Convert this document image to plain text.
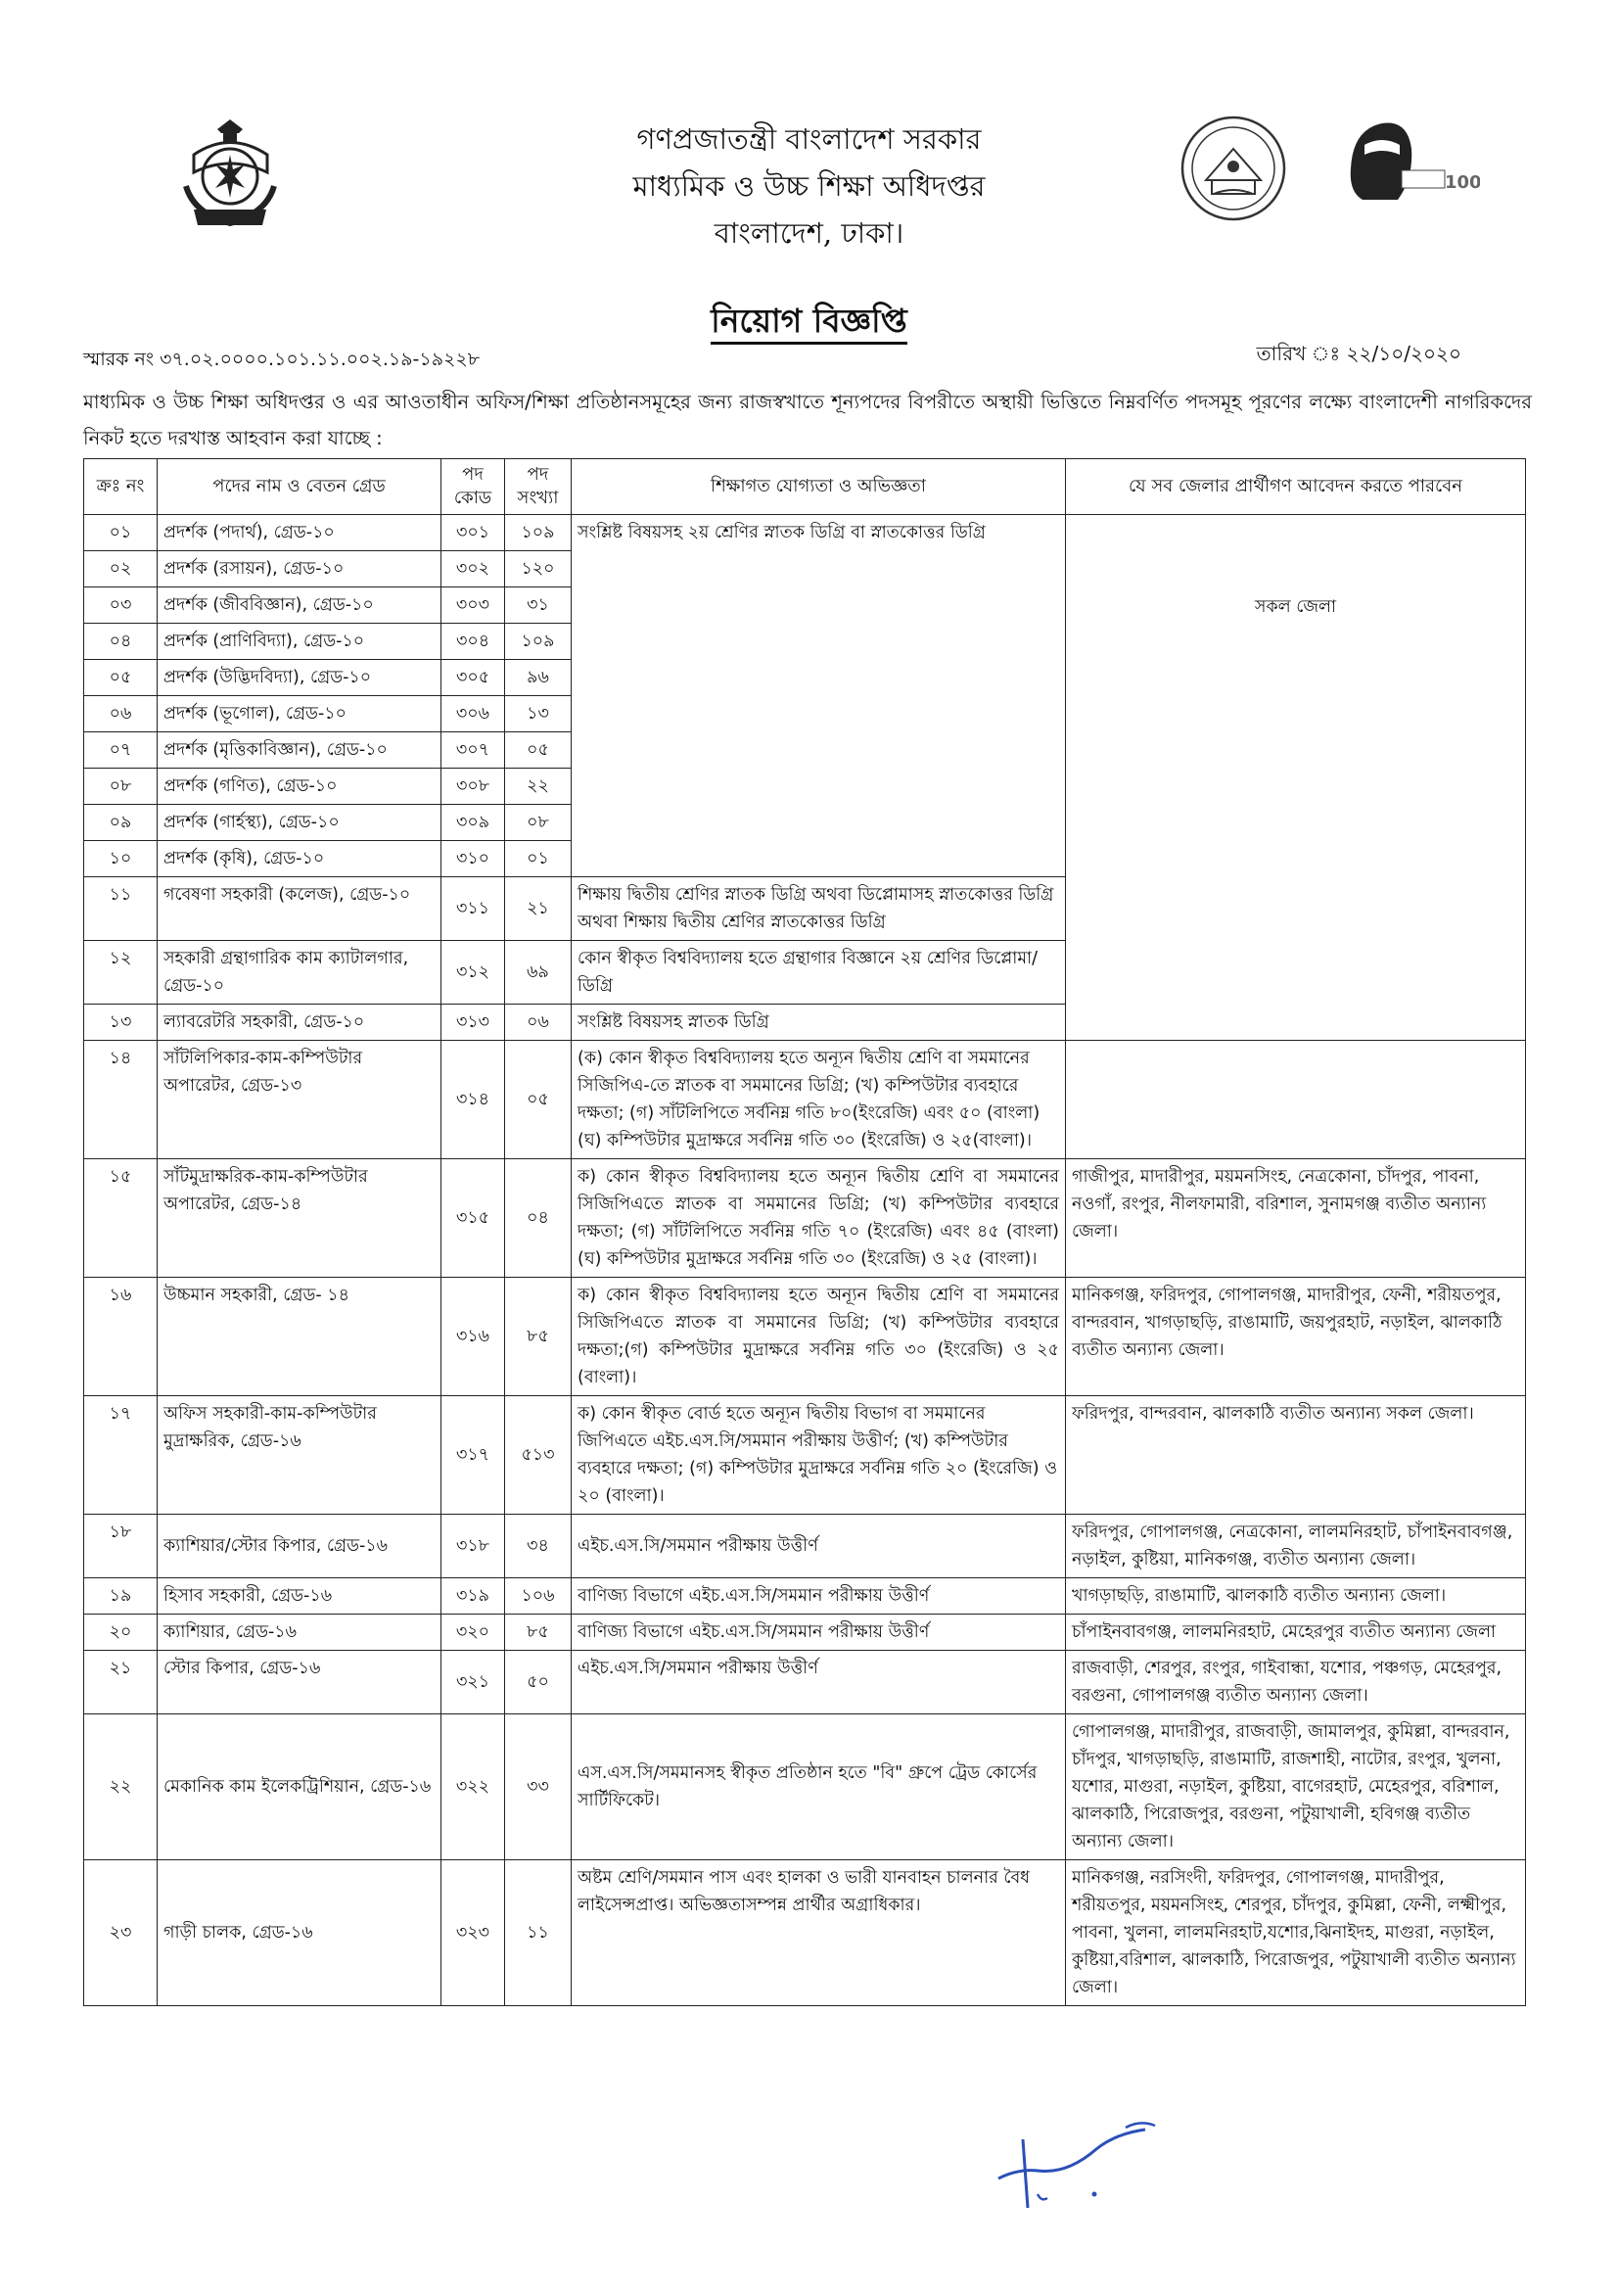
গণপ্রজাতন্ত্রী বাংলাদেশ সরকার
মাধ্যমিক ও উচ্চ শিক্ষা অধিদপ্তর
বাংলাদেশ, ঢাকা।
100
নিয়োগ বিজ্ঞপ্তি
স্মারক নং ৩৭.০২.০০০০.১০১.১১.০০২.১৯-১৯২২৮	তারিখ ঃ ২২/১০/২০২০
মাধ্যমিক ও উচ্চ শিক্ষা অধিদপ্তর ও এর আওতাধীন অফিস/শিক্ষা প্রতিষ্ঠানসমূহের জন্য রাজস্বখাতে শূন্যপদের বিপরীতে অস্থায়ী ভিত্তিতে নিম্নবর্ণিত পদসমূহ পূরণের লক্ষ্যে বাংলাদেশী নাগরিকদের নিকট হতে দরখাস্ত আহবান করা যাচ্ছে :
ক্রঃ নং	পদের নাম ও বেতন গ্রেড	পদ কোড	পদ সংখ্যা	শিক্ষাগত যোগ্যতা ও অভিজ্ঞতা	যে সব জেলার প্রার্থীগণ আবেদন করতে পারবেন
০১	প্রদর্শক (পদার্থ), গ্রেড-১০	৩০১	১০৯	সংশ্লিষ্ট বিষয়সহ ২য় শ্রেণির স্নাতক ডিগ্রি বা স্নাতকোত্তর ডিগ্রি	সকল জেলা
০২	প্রদর্শক (রসায়ন), গ্রেড-১০	৩০২	১২০		
০৩	প্রদর্শক (জীববিজ্ঞান), গ্রেড-১০	৩০৩	৩১		
০৪	প্রদর্শক (প্রাণিবিদ্যা), গ্রেড-১০	৩০৪	১০৯		
০৫	প্রদর্শক (উদ্ভিদবিদ্যা), গ্রেড-১০	৩০৫	৯৬		
০৬	প্রদর্শক (ভূগোল), গ্রেড-১০	৩০৬	১৩		
০৭	প্রদর্শক (মৃত্তিকাবিজ্ঞান), গ্রেড-১০	৩০৭	০৫		
০৮	প্রদর্শক (গণিত), গ্রেড-১০	৩০৮	২২		
০৯	প্রদর্শক (গার্হস্থ্য), গ্রেড-১০	৩০৯	০৮		
১০	প্রদর্শক (কৃষি), গ্রেড-১০	৩১০	০১		
১১	গবেষণা সহকারী (কলেজ), গ্রেড-১০	৩১১	২১	শিক্ষায় দ্বিতীয় শ্রেণির স্নাতক ডিগ্রি অথবা ডিপ্লোমাসহ স্নাতকোত্তর ডিগ্রি অথবা শিক্ষায় দ্বিতীয় শ্রেণির স্নাতকোত্তর ডিগ্রি	
১২	সহকারী গ্রন্থাগারিক কাম ক্যাটালগার, গ্রেড-১০	৩১২	৬৯	কোন স্বীকৃত বিশ্ববিদ্যালয় হতে গ্রন্থাগার বিজ্ঞানে ২য় শ্রেণির ডিপ্লোমা/ডিগ্রি	
১৩	ল্যাবরেটরি সহকারী, গ্রেড-১০	৩১৩	০৬	সংশ্লিষ্ট বিষয়সহ স্নাতক ডিগ্রি	
১৪	সাঁটলিপিকার-কাম-কম্পিউটার অপারেটর, গ্রেড-১৩	৩১৪	০৫	(ক) কোন স্বীকৃত বিশ্ববিদ্যালয় হতে অন্যূন দ্বিতীয় শ্রেণি বা সমমানের সিজিপিএ-তে স্নাতক বা সমমানের ডিগ্রি; (খ) কম্পিউটার ব্যবহারে দক্ষতা; (গ) সাঁটলিপিতে সর্বনিম্ন গতি ৮০(ইংরেজি) এবং ৫০ (বাংলা) (ঘ) কম্পিউটার মুদ্রাক্ষরে সর্বনিম্ন গতি ৩০ (ইংরেজি) ও ২৫(বাংলা)।	
১৫	সাঁটমুদ্রাক্ষরিক-কাম-কম্পিউটার অপারেটর, গ্রেড-১৪	৩১৫	০৪	ক) কোন স্বীকৃত বিশ্ববিদ্যালয় হতে অন্যূন দ্বিতীয় শ্রেণি বা সমমানের সিজিপিএতে স্নাতক বা সমমানের ডিগ্রি; (খ) কম্পিউটার ব্যবহারে দক্ষতা; (গ) সাঁটলিপিতে সর্বনিম্ন গতি ৭০ (ইংরেজি) এবং ৪৫ (বাংলা) (ঘ) কম্পিউটার মুদ্রাক্ষরে সর্বনিম্ন গতি ৩০ (ইংরেজি) ও ২৫ (বাংলা)।	গাজীপুর, মাদারীপুর, ময়মনসিংহ, নেত্রকোনা, চাঁদপুর, পাবনা, নওগাঁ, রংপুর, নীলফামারী, বরিশাল, সুনামগঞ্জ ব্যতীত অন্যান্য জেলা।
১৬	উচ্চমান সহকারী, গ্রেড- ১৪	৩১৬	৮৫	ক) কোন স্বীকৃত বিশ্ববিদ্যালয় হতে অন্যূন দ্বিতীয় শ্রেণি বা সমমানের সিজিপিএতে স্নাতক বা সমমানের ডিগ্রি; (খ) কম্পিউটার ব্যবহারে দক্ষতা;(গ) কম্পিউটার মুদ্রাক্ষরে সর্বনিম্ন গতি ৩০ (ইংরেজি) ও ২৫ (বাংলা)।	মানিকগঞ্জ, ফরিদপুর, গোপালগঞ্জ, মাদারীপুর, ফেনী, শরীয়তপুর, বান্দরবান, খাগড়াছড়ি, রাঙামাটি, জয়পুরহাট, নড়াইল, ঝালকাঠি ব্যতীত অন্যান্য জেলা।
১৭	অফিস সহকারী-কাম-কম্পিউটার মুদ্রাক্ষরিক, গ্রেড-১৬	৩১৭	৫১৩	ক) কোন স্বীকৃত বোর্ড হতে অন্যূন দ্বিতীয় বিভাগ বা সমমানের জিপিএতে এইচ.এস.সি/সমমান পরীক্ষায় উত্তীর্ণ; (খ) কম্পিউটার ব্যবহারে দক্ষতা; (গ) কম্পিউটার মুদ্রাক্ষরে সর্বনিম্ন গতি ২০ (ইংরেজি) ও ২০ (বাংলা)।	ফরিদপুর, বান্দরবান, ঝালকাঠি ব্যতীত অন্যান্য সকল জেলা।
১৮	ক্যাশিয়ার/স্টোর কিপার, গ্রেড-১৬	৩১৮	৩৪	এইচ.এস.সি/সমমান পরীক্ষায় উত্তীর্ণ	ফরিদপুর, গোপালগঞ্জ, নেত্রকোনা, লালমনিরহাট, চাঁপাইনবাবগঞ্জ, নড়াইল, কুষ্টিয়া, মানিকগঞ্জ, ব্যতীত অন্যান্য জেলা।
১৯	হিসাব সহকারী, গ্রেড-১৬	৩১৯	১০৬	বাণিজ্য বিভাগে এইচ.এস.সি/সমমান পরীক্ষায় উত্তীর্ণ	খাগড়াছড়ি, রাঙামাটি, ঝালকাঠি ব্যতীত অন্যান্য জেলা।
২০	ক্যাশিয়ার, গ্রেড-১৬	৩২০	৮৫	বাণিজ্য বিভাগে এইচ.এস.সি/সমমান পরীক্ষায় উত্তীর্ণ	চাঁপাইনবাবগঞ্জ, লালমনিরহাট, মেহেরপুর ব্যতীত অন্যান্য জেলা
২১	স্টোর কিপার, গ্রেড-১৬	৩২১	৫০	এইচ.এস.সি/সমমান পরীক্ষায় উত্তীর্ণ	রাজবাড়ী, শেরপুর, রংপুর, গাইবান্ধা, যশোর, পঞ্চগড়, মেহেরপুর, বরগুনা, গোপালগঞ্জ ব্যতীত অন্যান্য জেলা।
২২	মেকানিক কাম ইলেকট্রিশিয়ান, গ্রেড-১৬	৩২২	৩৩	এস.এস.সি/সমমানসহ স্বীকৃত প্রতিষ্ঠান হতে "বি" গ্রুপে ট্রেড কোর্সের সার্টিফিকেট।	গোপালগঞ্জ, মাদারীপুর, রাজবাড়ী, জামালপুর, কুমিল্লা, বান্দরবান, চাঁদপুর, খাগড়াছড়ি, রাঙামাটি, রাজশাহী, নাটোর, রংপুর, খুলনা, যশোর, মাগুরা, নড়াইল, কুষ্টিয়া, বাগেরহাট, মেহেরপুর, বরিশাল, ঝালকাঠি, পিরোজপুর, বরগুনা, পটুয়াখালী, হবিগঞ্জ ব্যতীত অন্যান্য জেলা।
২৩	গাড়ী চালক, গ্রেড-১৬	৩২৩	১১	অষ্টম শ্রেণি/সমমান পাস এবং হালকা ও ভারী যানবাহন চালনার বৈধ লাইসেন্সপ্রাপ্ত। অভিজ্ঞতাসম্পন্ন প্রার্থীর অগ্রাধিকার।	মানিকগঞ্জ, নরসিংদী, ফরিদপুর, গোপালগঞ্জ, মাদারীপুর, শরীয়তপুর, ময়মনসিংহ, শেরপুর, চাঁদপুর, কুমিল্লা, ফেনী, লক্ষ্মীপুর, পাবনা, খুলনা, লালমনিরহাট,যশোর,ঝিনাইদহ, মাগুরা, নড়াইল, কুষ্টিয়া,বরিশাল, ঝালকাঠি, পিরোজপুর, পটুয়াখালী ব্যতীত অন্যান্য জেলা।
